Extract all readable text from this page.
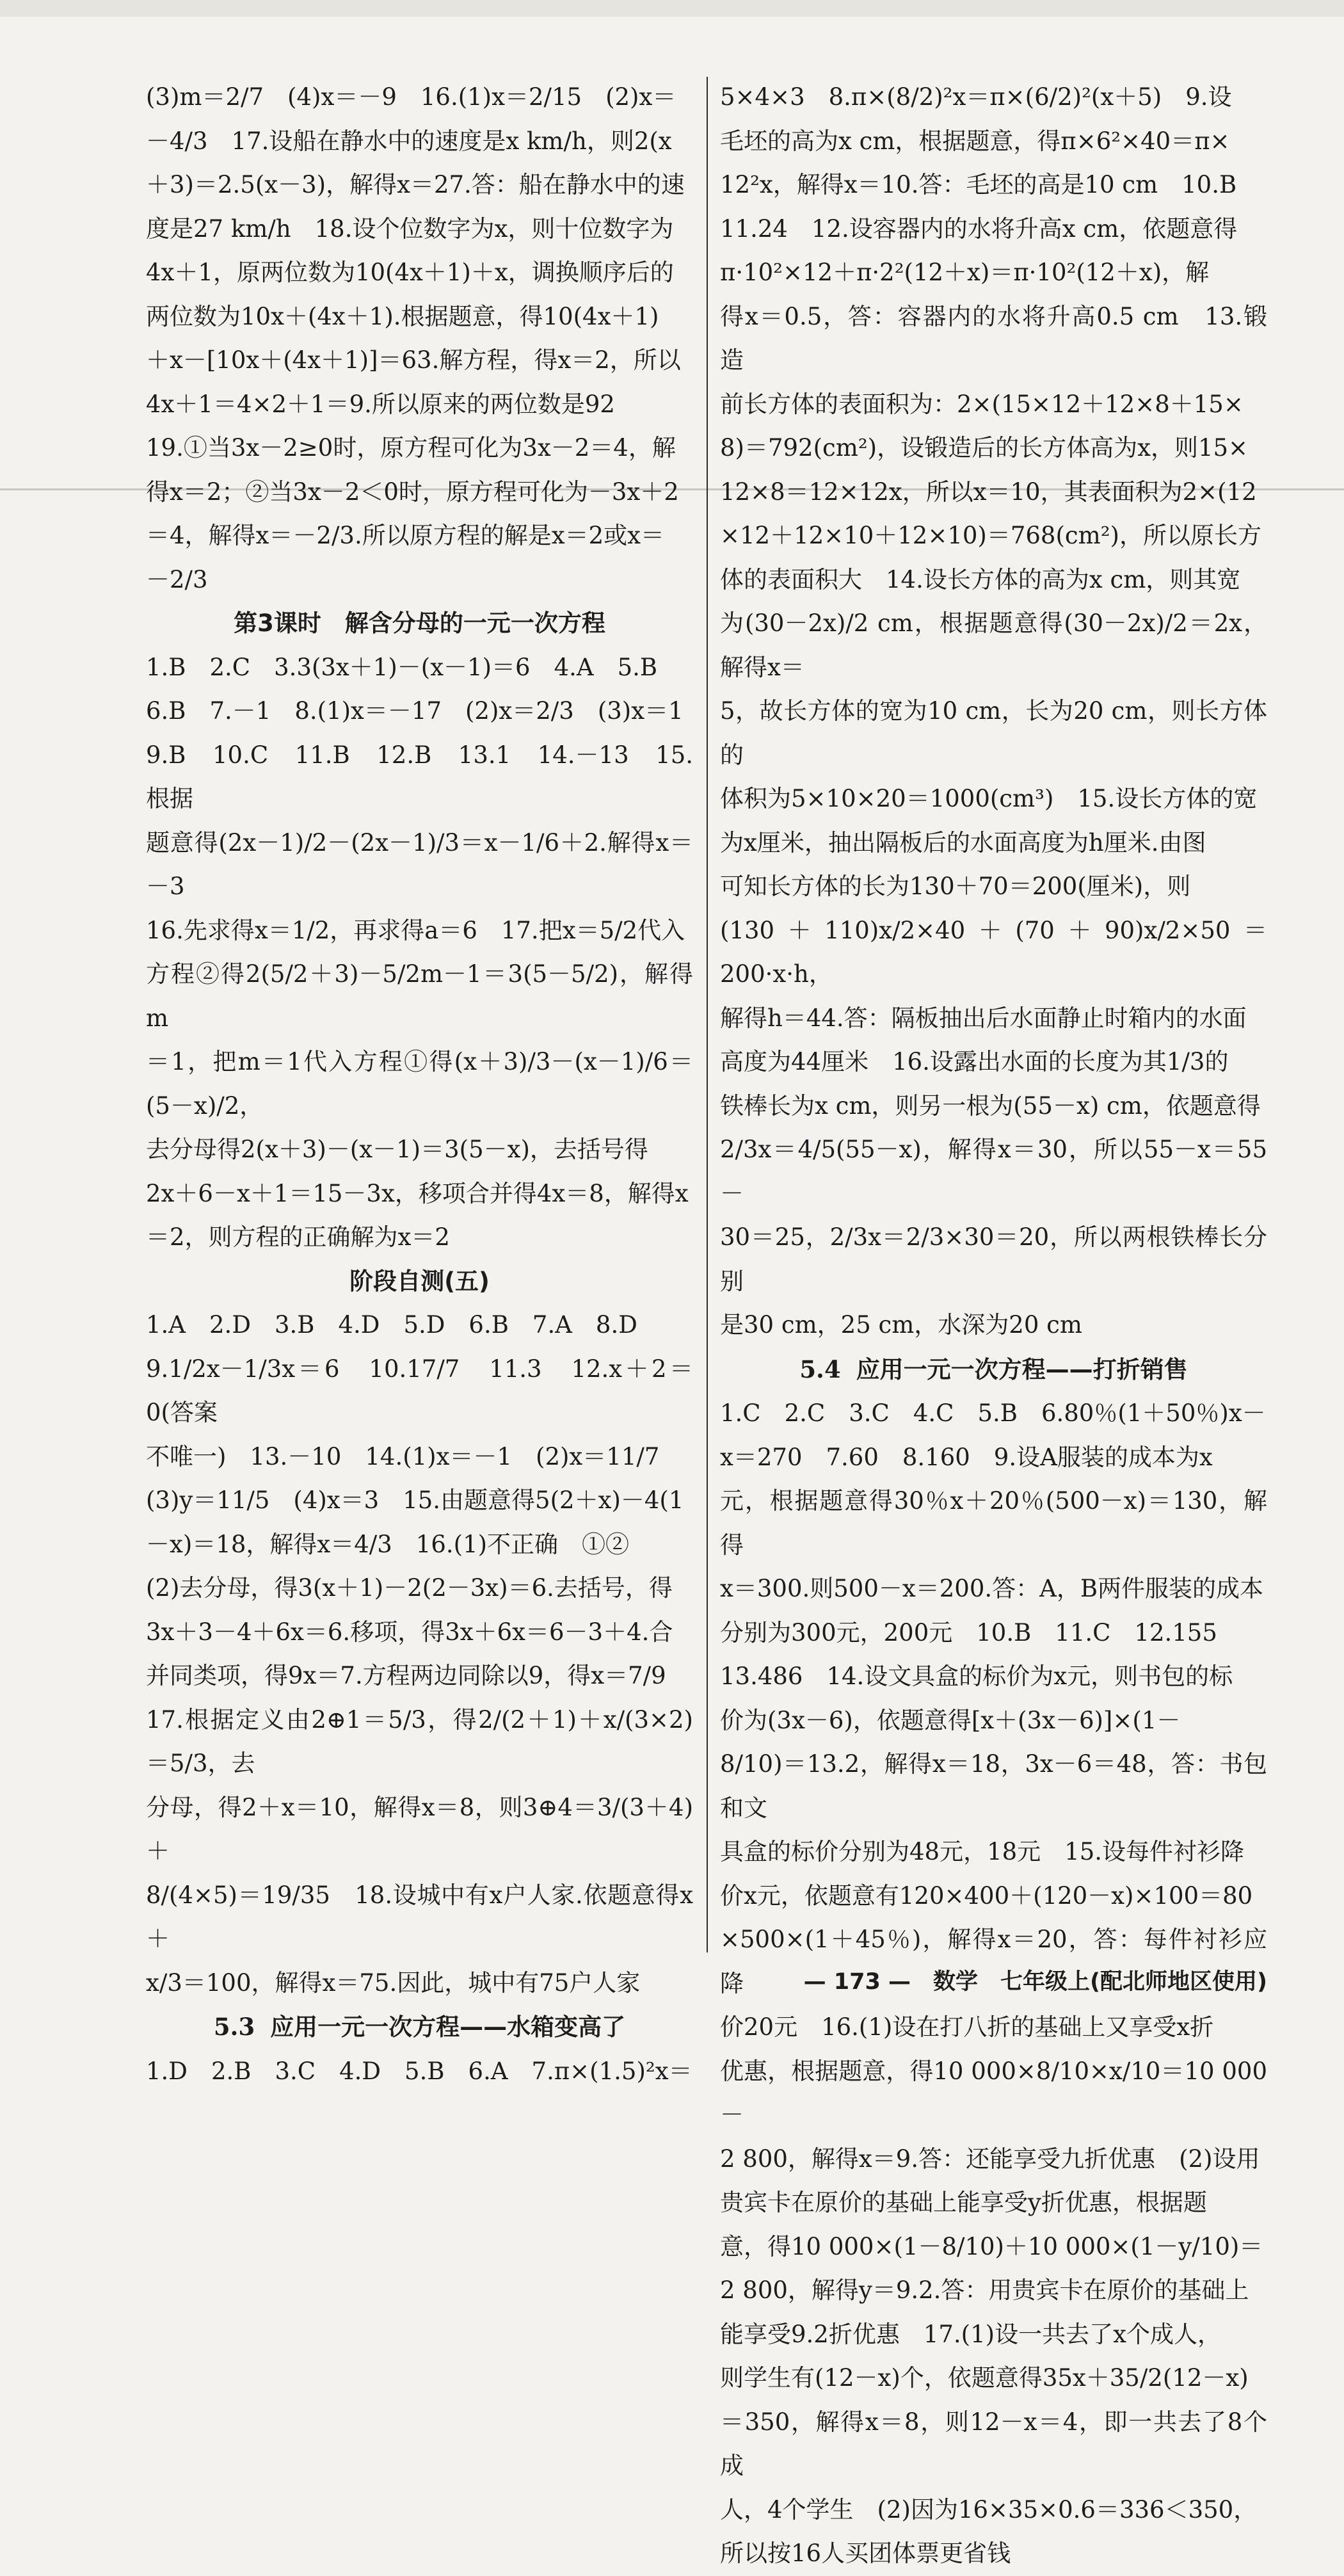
(3)m＝2/7　(4)x＝－9　16.(1)x＝2/15　(2)x＝
－4/3　17.设船在静水中的速度是x km/h，则2(x
＋3)＝2.5(x－3)，解得x＝27.答：船在静水中的速
度是27 km/h　18.设个位数字为x，则十位数字为
4x＋1，原两位数为10(4x＋1)＋x，调换顺序后的
两位数为10x＋(4x＋1).根据题意，得10(4x＋1)
＋x－[10x＋(4x＋1)]＝63.解方程，得x＝2，所以
4x＋1＝4×2＋1＝9.所以原来的两位数是92
19.①当3x－2≥0时，原方程可化为3x－2＝4，解
得x＝2；②当3x－2＜0时，原方程可化为－3x＋2
＝4，解得x＝－2/3.所以原方程的解是x＝2或x＝
－2/3
第3课时　解含分母的一元一次方程
1.B　2.C　3.3(3x＋1)－(x－1)＝6　4.A　5.B
6.B　7.－1　8.(1)x＝－17　(2)x＝2/3　(3)x＝1
9.B　10.C　11.B　12.B　13.1　14.－13　15.根据
题意得(2x－1)/2－(2x－1)/3＝x－1/6＋2.解得x＝－3
16.先求得x＝1/2，再求得a＝6　17.把x＝5/2代入
方程②得2(5/2＋3)－5/2m－1＝3(5－5/2)，解得m
＝1，把m＝1代入方程①得(x＋3)/3－(x－1)/6＝(5－x)/2，
去分母得2(x＋3)－(x－1)＝3(5－x)，去括号得
2x＋6－x＋1＝15－3x，移项合并得4x＝8，解得x
＝2，则方程的正确解为x＝2
阶段自测(五)
1.A　2.D　3.B　4.D　5.D　6.B　7.A　8.D
9.1/2x－1/3x＝6　10.17/7　11.3　12.x＋2＝0(答案
不唯一)　13.－10　14.(1)x＝－1　(2)x＝11/7
(3)y＝11/5　(4)x＝3　15.由题意得5(2＋x)－4(1
－x)＝18，解得x＝4/3　16.(1)不正确　①②
(2)去分母，得3(x＋1)－2(2－3x)＝6.去括号，得
3x＋3－4＋6x＝6.移项，得3x＋6x＝6－3＋4.合
并同类项，得9x＝7.方程两边同除以9，得x＝7/9
17.根据定义由2⊕1＝5/3，得2/(2＋1)＋x/(3×2)＝5/3，去
分母，得2＋x＝10，解得x＝8，则3⊕4＝3/(3＋4)＋
8/(4×5)＝19/35　18.设城中有x户人家.依题意得x＋
x/3＝100，解得x＝75.因此，城中有75户人家
5.3 应用一元一次方程——水箱变高了
1.D　2.B　3.C　4.D　5.B　6.A　7.π×(1.5)²x＝
5×4×3　8.π×(8/2)²x＝π×(6/2)²(x＋5)　9.设
毛坯的高为x cm，根据题意，得π×6²×40＝π×
12²x，解得x＝10.答：毛坯的高是10 cm　10.B
11.24　12.设容器内的水将升高x cm，依题意得
π·10²×12＋π·2²(12＋x)＝π·10²(12＋x)，解
得x＝0.5，答：容器内的水将升高0.5 cm　13.锻造
前长方体的表面积为：2×(15×12＋12×8＋15×
8)＝792(cm²)，设锻造后的长方体高为x，则15×
12×8＝12×12x，所以x＝10，其表面积为2×(12
×12＋12×10＋12×10)＝768(cm²)，所以原长方
体的表面积大　14.设长方体的高为x cm，则其宽
为(30－2x)/2 cm，根据题意得(30－2x)/2＝2x，解得x＝
5，故长方体的宽为10 cm，长为20 cm，则长方体的
体积为5×10×20＝1000(cm³)　15.设长方体的宽
为x厘米，抽出隔板后的水面高度为h厘米.由图
可知长方体的长为130＋70＝200(厘米)，则
(130＋110)x/2×40＋(70＋90)x/2×50＝200·x·h，
解得h＝44.答：隔板抽出后水面静止时箱内的水面
高度为44厘米　16.设露出水面的长度为其1/3的
铁棒长为x cm，则另一根为(55－x) cm，依题意得
2/3x＝4/5(55－x)，解得x＝30，所以55－x＝55－
30＝25，2/3x＝2/3×30＝20，所以两根铁棒长分别
是30 cm，25 cm，水深为20 cm
5.4 应用一元一次方程——打折销售
1.C　2.C　3.C　4.C　5.B　6.80％(1＋50％)x－
x＝270　7.60　8.160　9.设A服装的成本为x
元，根据题意得30％x＋20％(500－x)＝130，解得
x＝300.则500－x＝200.答：A，B两件服装的成本
分别为300元，200元　10.B　11.C　12.155
13.486　14.设文具盒的标价为x元，则书包的标
价为(3x－6)，依题意得[x＋(3x－6)]×(1－
8/10)＝13.2，解得x＝18，3x－6＝48，答：书包和文
具盒的标价分别为48元，18元　15.设每件衬衫降
价x元，依题意有120×400＋(120－x)×100＝80
×500×(1＋45％)，解得x＝20，答：每件衬衫应降
价20元　16.(1)设在打八折的基础上又享受x折
优惠，根据题意，得10 000×8/10×x/10＝10 000－
2 800，解得x＝9.答：还能享受九折优惠　(2)设用
贵宾卡在原价的基础上能享受y折优惠，根据题
意，得10 000×(1－8/10)＋10 000×(1－y/10)＝
2 800，解得y＝9.2.答：用贵宾卡在原价的基础上
能享受9.2折优惠　17.(1)设一共去了x个成人，
则学生有(12－x)个，依题意得35x＋35/2(12－x)
＝350，解得x＝8，则12－x＝4，即一共去了8个成
人，4个学生　(2)因为16×35×0.6＝336＜350，
所以按16人买团体票更省钱
— 173 —　数学　七年级上(配北师地区使用)
